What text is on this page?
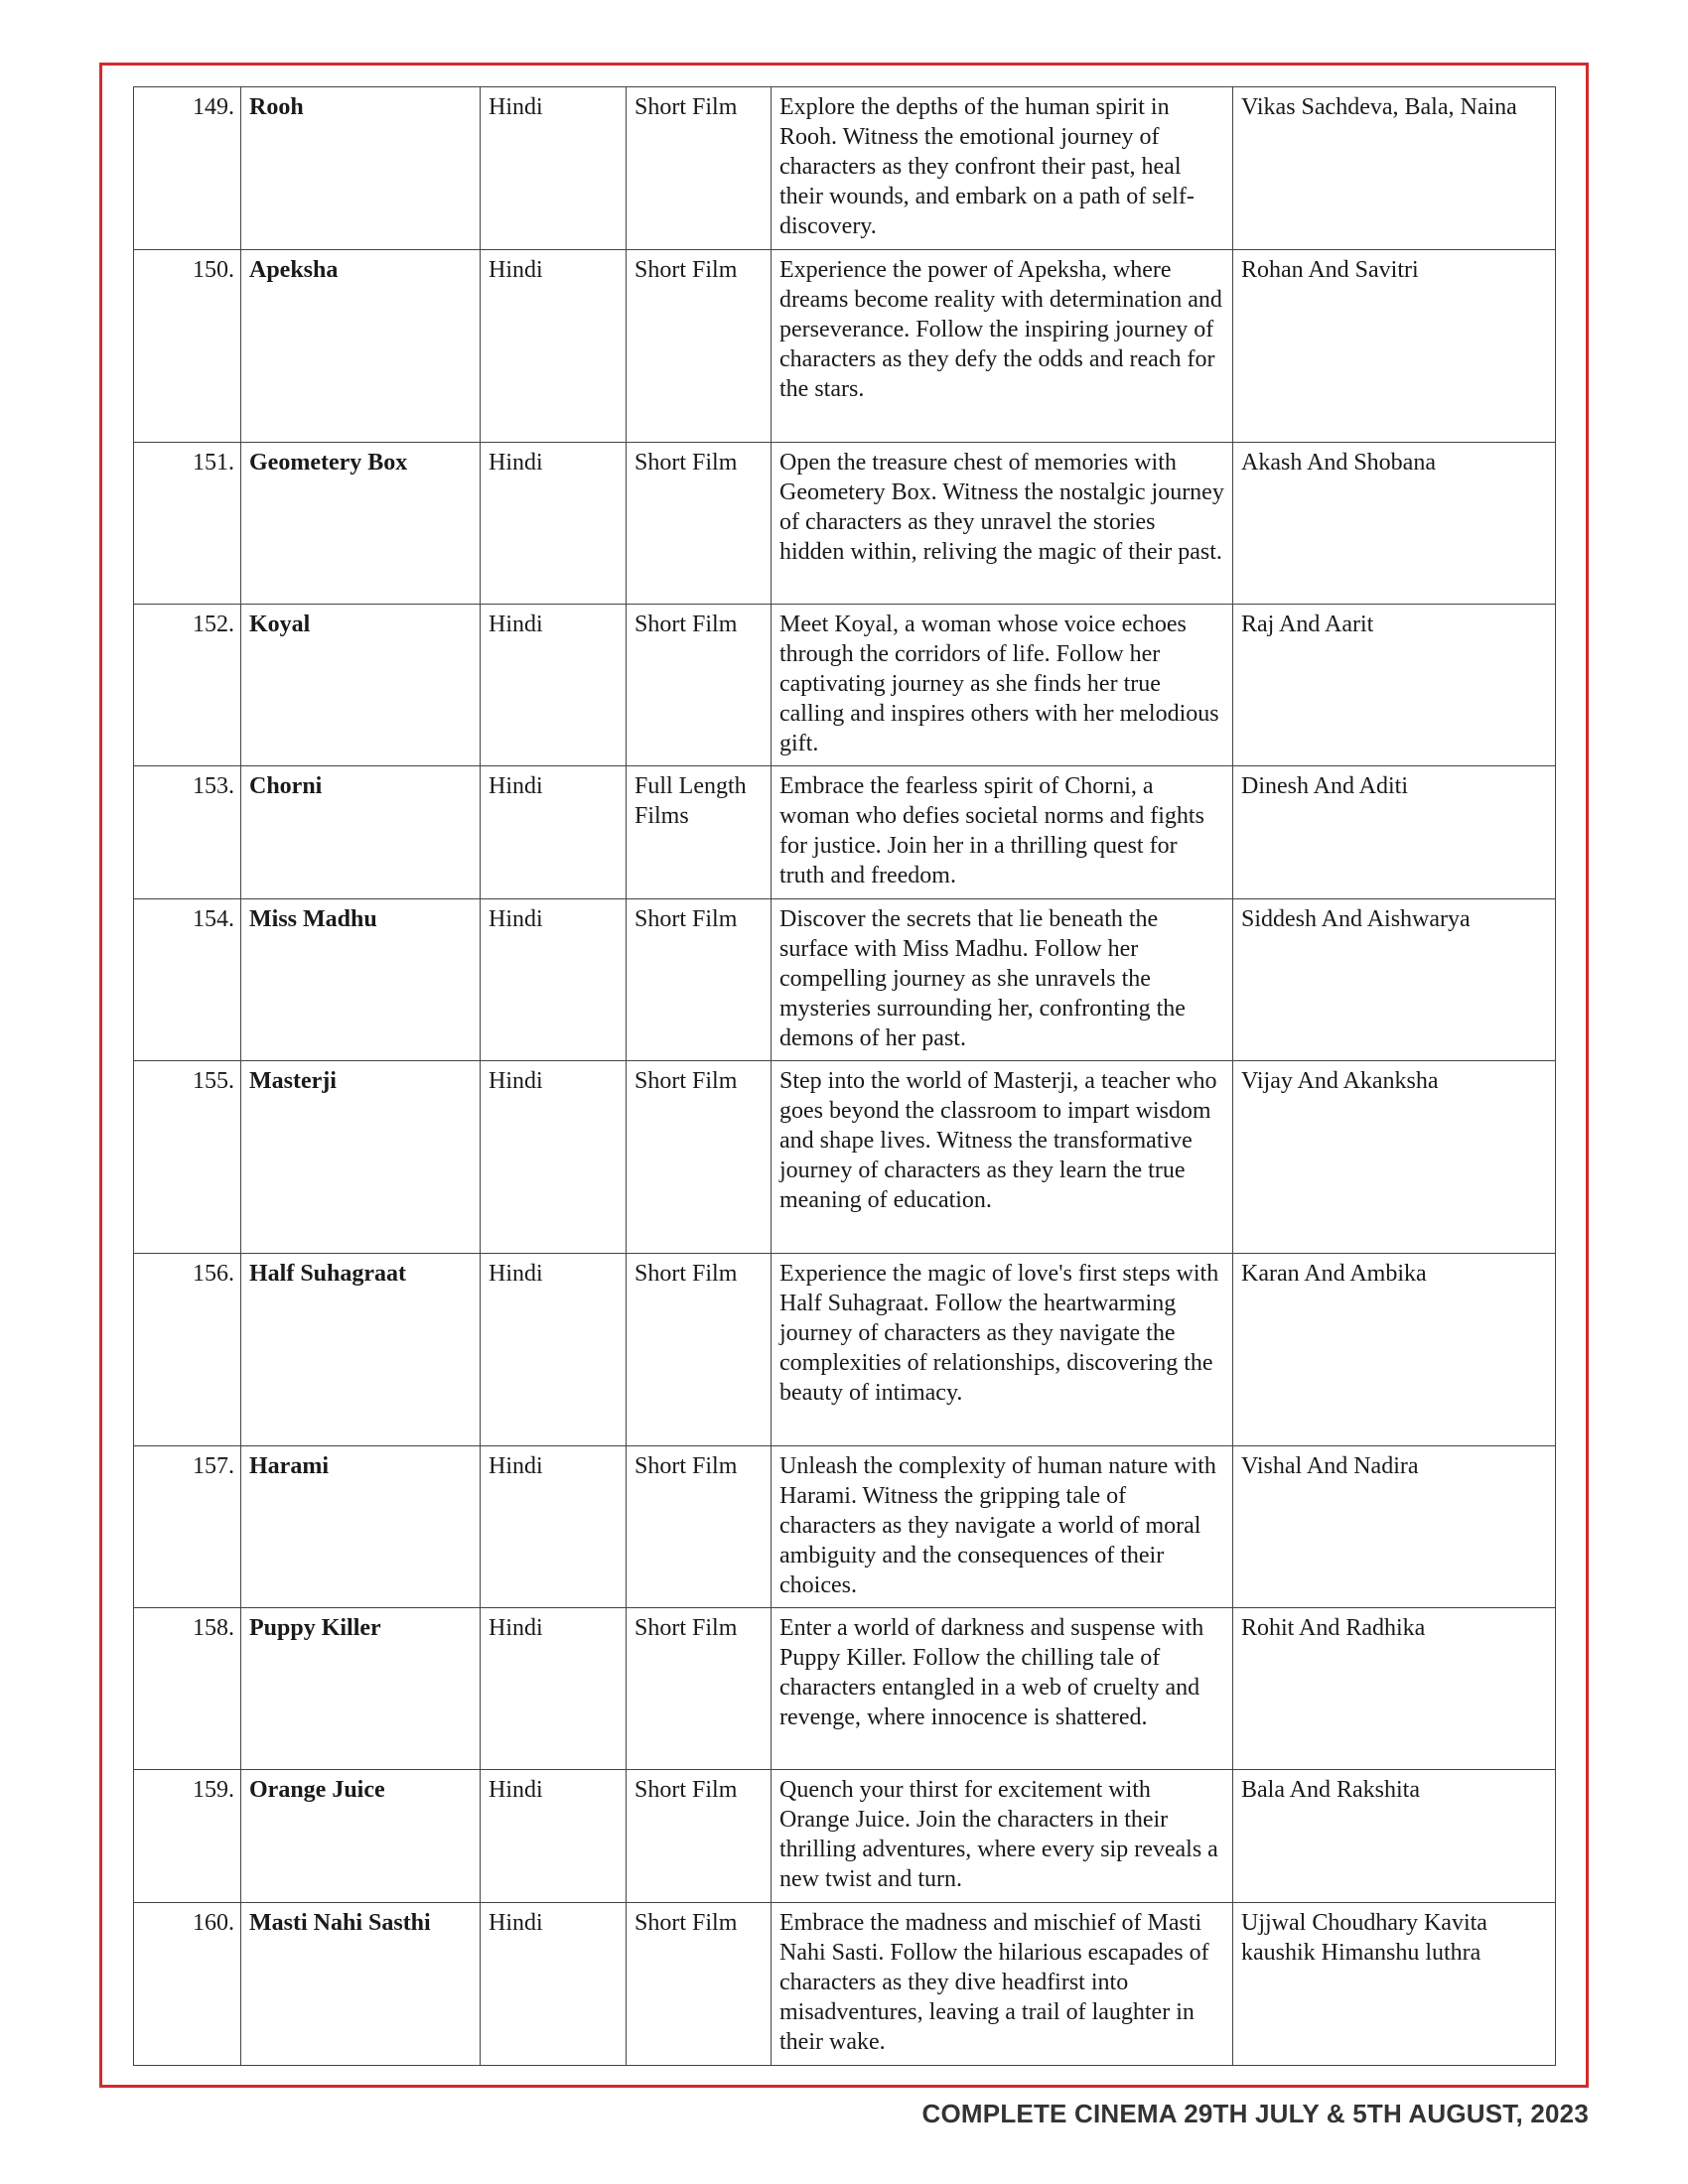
149.	Rooh	Hindi	Short Film	Explore the depths of the human spirit in Rooh. Witness the emotional journey of characters as they confront their past, heal their wounds, and embark on a path of self-discovery.	Vikas Sachdeva, Bala, Naina
150.	Apeksha	Hindi	Short Film	Experience the power of Apeksha, where dreams become reality with determination and perseverance. Follow the inspiring journey of characters as they defy the odds and reach for the stars.	Rohan And Savitri
151.	Geometery Box	Hindi	Short Film	Open the treasure chest of memories with Geometery Box. Witness the nostalgic journey of characters as they unravel the stories hidden within, reliving the magic of their past.	Akash And Shobana
152.	Koyal	Hindi	Short Film	Meet Koyal, a woman whose voice echoes through the corridors of life. Follow her captivating journey as she finds her true calling and inspires others with her melodious gift.	Raj And Aarit
153.	Chorni	Hindi	Full Length Films	Embrace the fearless spirit of Chorni, a woman who defies societal norms and fights for justice. Join her in a thrilling quest for truth and freedom.	Dinesh And Aditi
154.	Miss Madhu	Hindi	Short Film	Discover the secrets that lie beneath the surface with Miss Madhu. Follow her compelling journey as she unravels the mysteries surrounding her, confronting the demons of her past.	Siddesh And Aishwarya
155.	Masterji	Hindi	Short Film	Step into the world of Masterji, a teacher who goes beyond the classroom to impart wisdom and shape lives. Witness the transformative journey of characters as they learn the true meaning of education.	Vijay And Akanksha
156.	Half Suhagraat	Hindi	Short Film	Experience the magic of love's first steps with Half Suhagraat. Follow the heartwarming journey of characters as they navigate the complexities of relationships, discovering the beauty of intimacy.	Karan And Ambika
157.	Harami	Hindi	Short Film	Unleash the complexity of human nature with Harami. Witness the gripping tale of characters as they navigate a world of moral ambiguity and the consequences of their choices.	Vishal And Nadira
158.	Puppy Killer	Hindi	Short Film	Enter a world of darkness and suspense with Puppy Killer. Follow the chilling tale of characters entangled in a web of cruelty and revenge, where innocence is shattered.	Rohit And Radhika
159.	Orange Juice	Hindi	Short Film	Quench your thirst for excitement with Orange Juice. Join the characters in their thrilling adventures, where every sip reveals a new twist and turn.	Bala And Rakshita
160.	Masti Nahi Sasthi	Hindi	Short Film	Embrace the madness and mischief of Masti Nahi Sasti. Follow the hilarious escapades of characters as they dive headfirst into misadventures, leaving a trail of laughter in their wake.	Ujjwal Choudhary Kavita kaushik Himanshu luthra
COMPLETE CINEMA 29TH JULY & 5TH AUGUST, 2023
